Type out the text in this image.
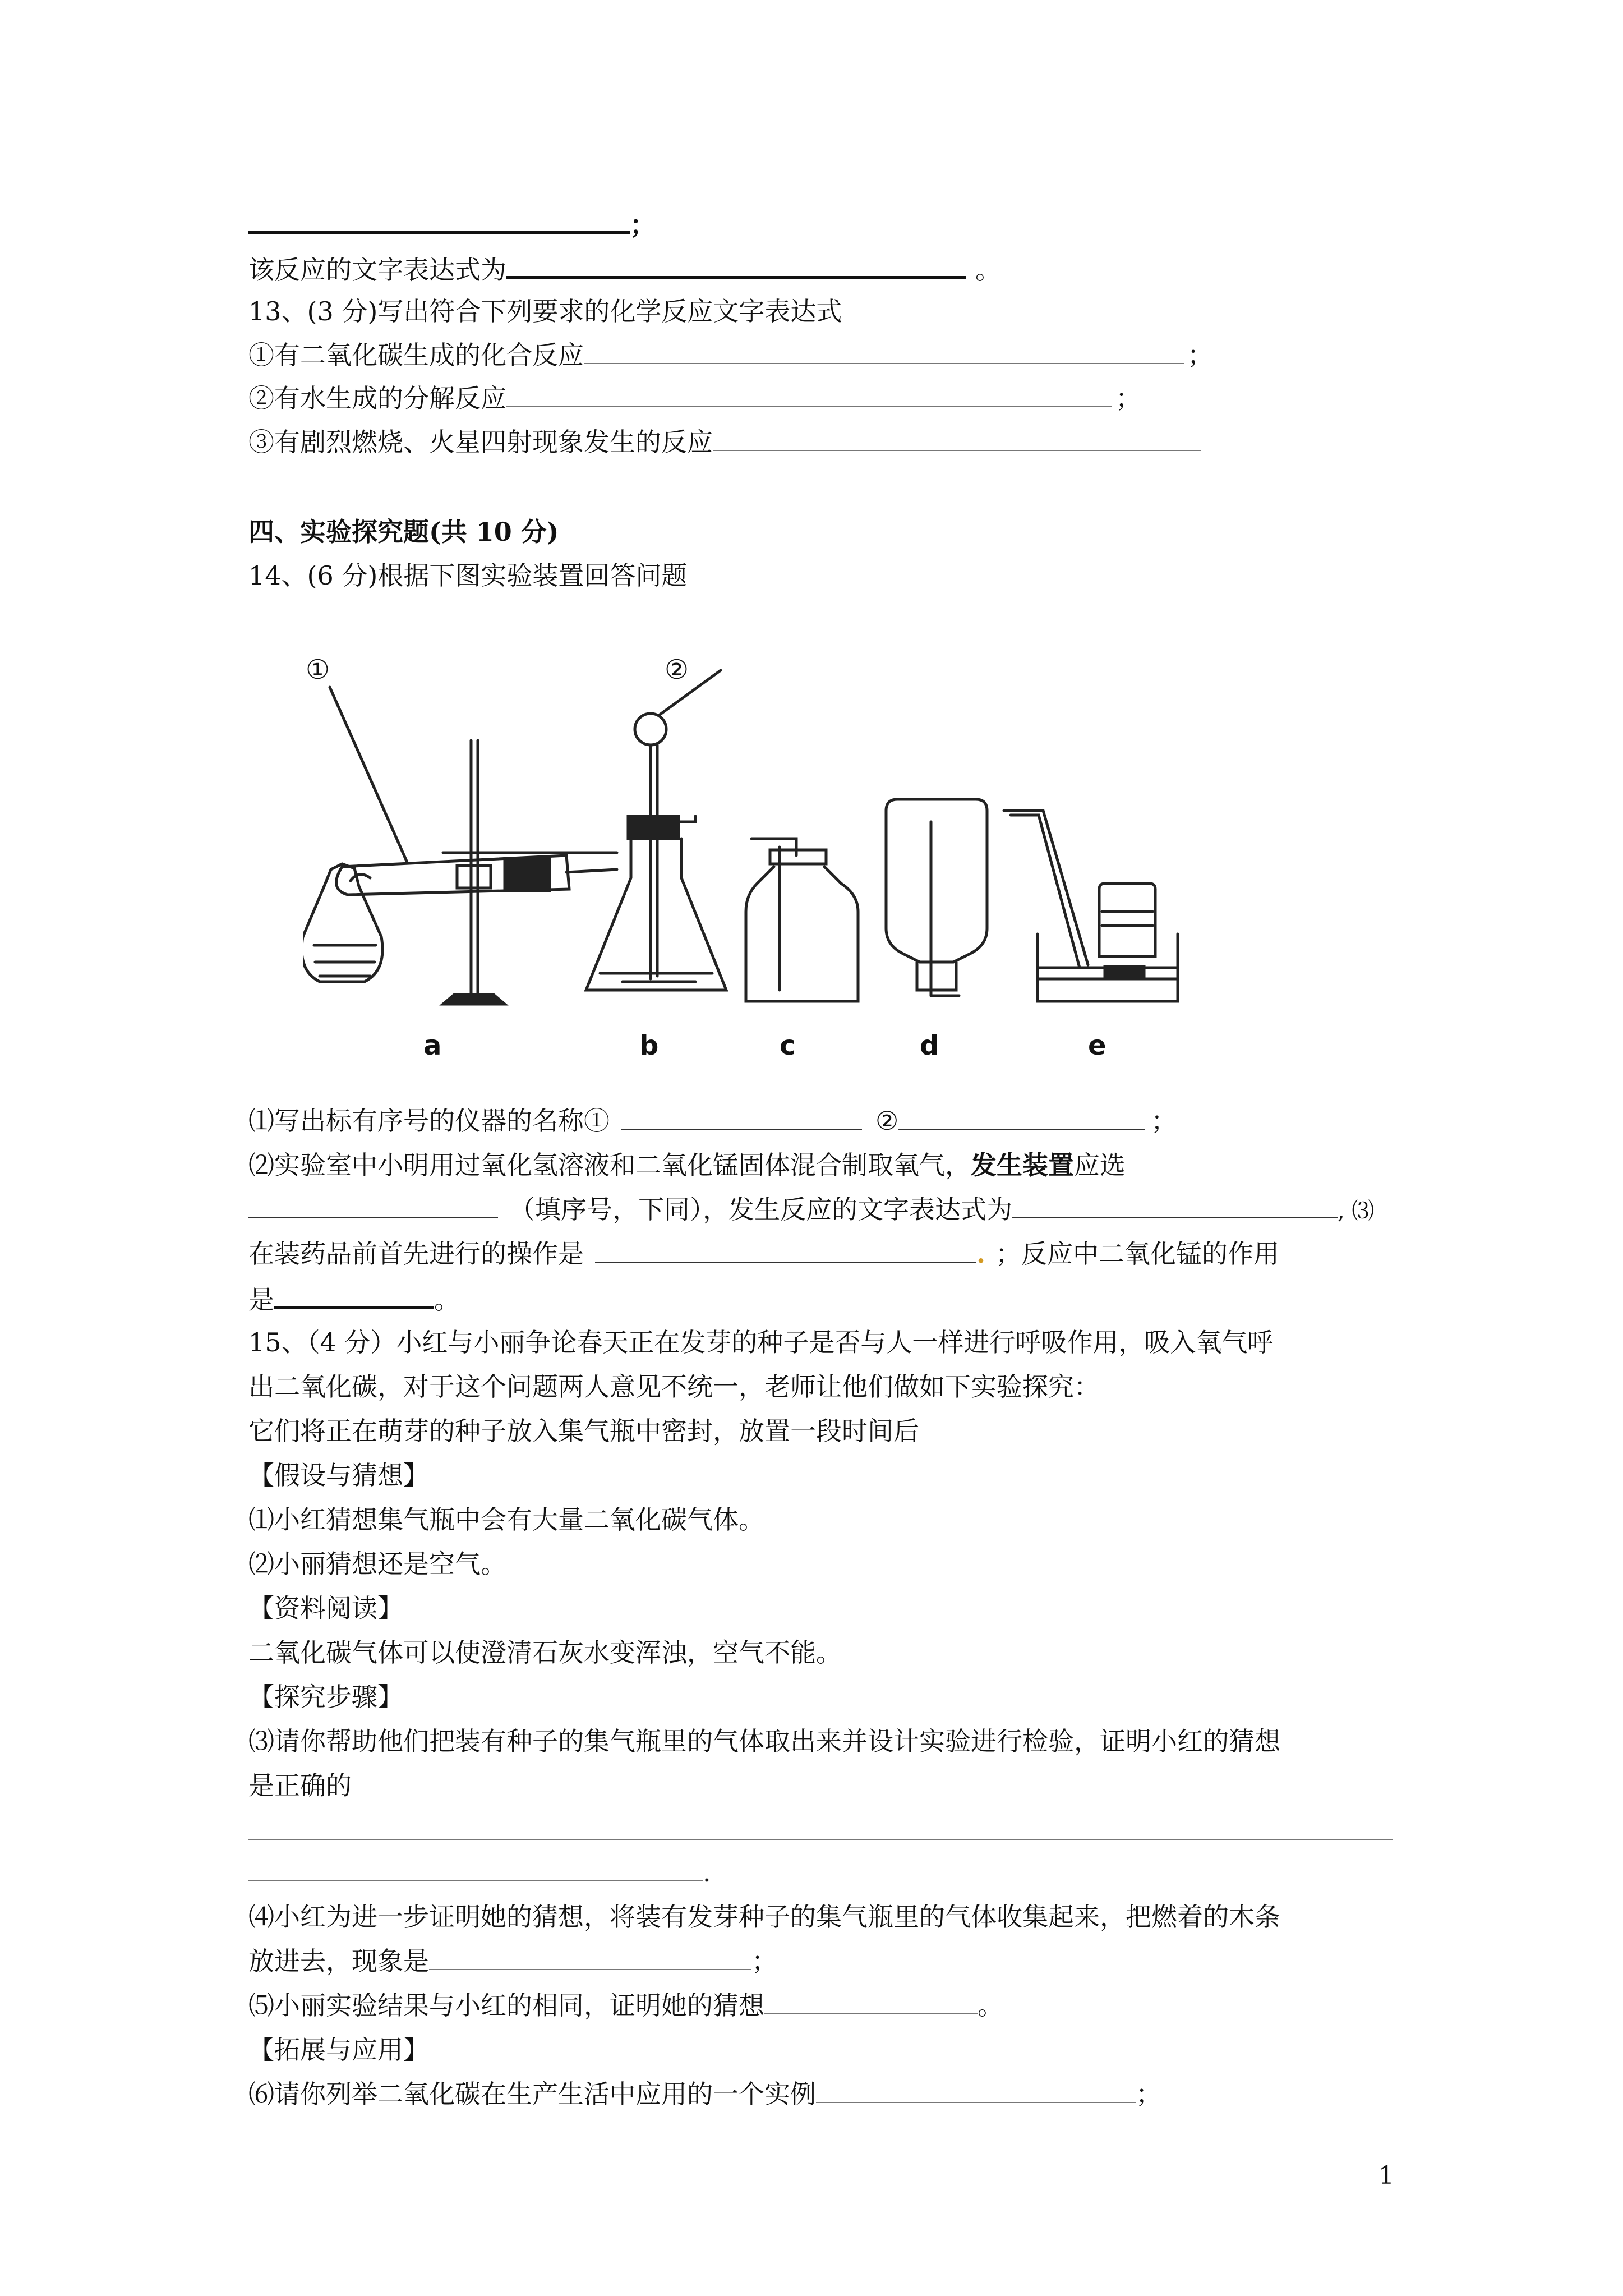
；
该反应的文字表达式为	。
13、(3 分)写出符合下列要求的化学反应文字表达式
①有二氧化碳生成的化合反应	；
②有水生成的分解反应	；
③有剧烈燃烧、火星四射现象发生的反应
四、实验探究题(共 10 分)
14、(6 分)根据下图实验装置回答问题
①	②
a	b	c	d	e
⑴写出标有序号的仪器的名称①	②	；
⑵实验室中小明用过氧化氢溶液和二氧化锰固体混合制取氧气，发生装置应选
（填序号，下同），发生反应的文字表达式为	, ⑶
在装药品前首先进行的操作是	. ；反应中二氧化锰的作用
是	。
15、（4 分）小红与小丽争论春天正在发芽的种子是否与人一样进行呼吸作用，吸入氧气呼
出二氧化碳，对于这个问题两人意见不统一，老师让他们做如下实验探究：
它们将正在萌芽的种子放入集气瓶中密封，放置一段时间后
【假设与猜想】
⑴小红猜想集气瓶中会有大量二氧化碳气体。
⑵小丽猜想还是空气。
【资料阅读】
二氧化碳气体可以使澄清石灰水变浑浊，空气不能。
【探究步骤】
⑶请你帮助他们把装有种子的集气瓶里的气体取出来并设计实验进行检验，证明小红的猜想
是正确的
.
⑷小红为进一步证明她的猜想，将装有发芽种子的集气瓶里的气体收集起来，把燃着的木条
放进去，现象是	；
⑸小丽实验结果与小红的相同，证明她的猜想	。
【拓展与应用】
⑹请你列举二氧化碳在生产生活中应用的一个实例	；
1
